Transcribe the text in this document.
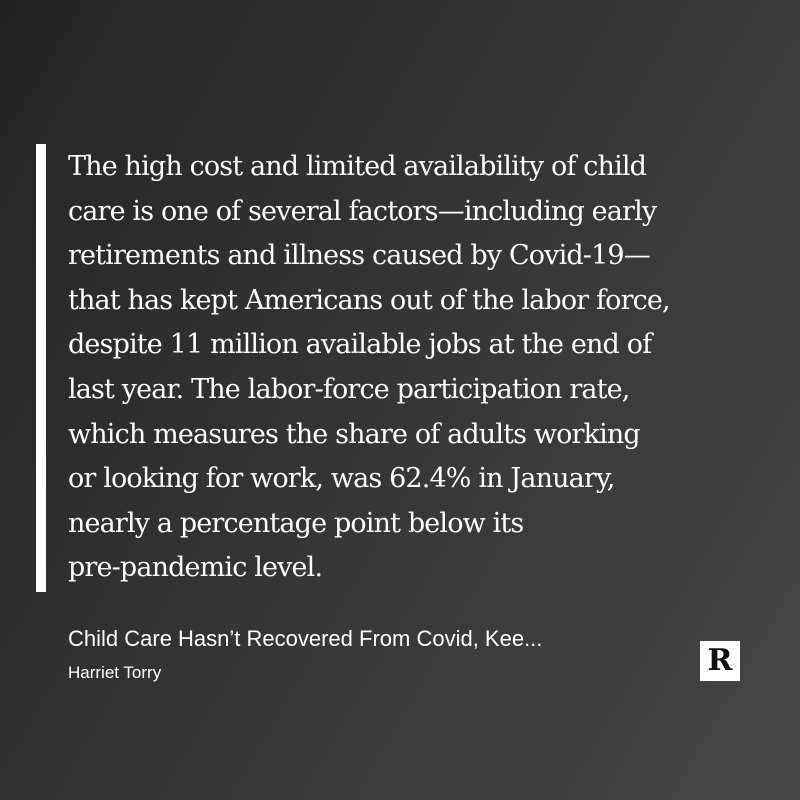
The high cost and limited availability of child
care is one of several factors—including early
retirements and illness caused by Covid-19—
that has kept Americans out of the labor force,
despite 11 million available jobs at the end of
last year. The labor-force participation rate,
which measures the share of adults working
or looking for work, was 62.4% in January,
nearly a percentage point below its
pre-pandemic level.

Child Care Hasn’t Recovered From Covid, Kee...
Harriet Torry	R
